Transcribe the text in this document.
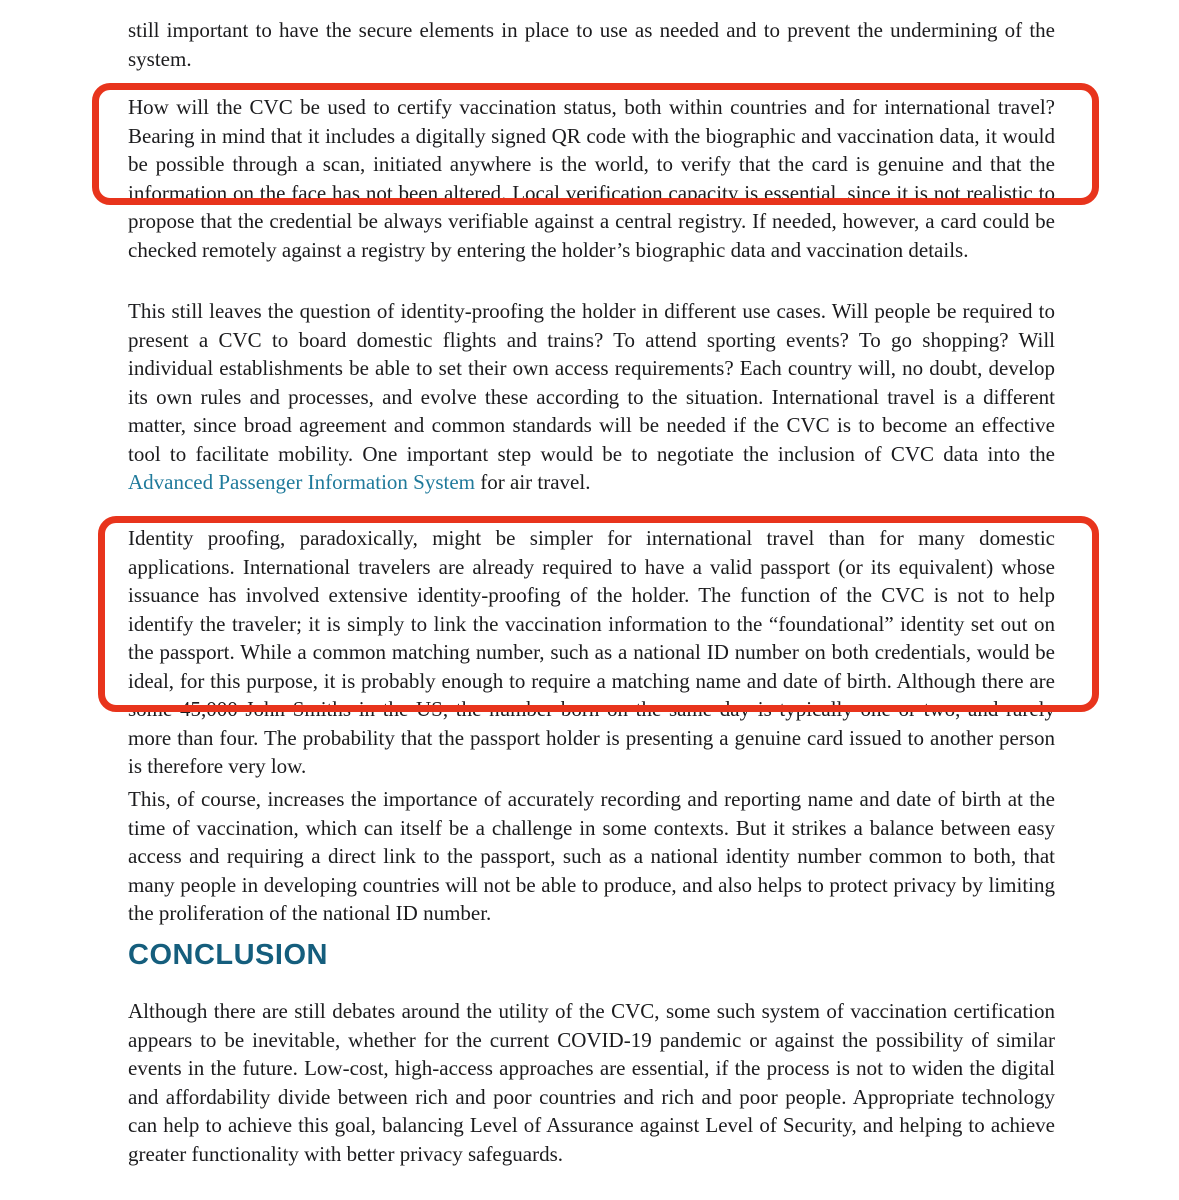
still important to have the secure elements in place to use as needed and to prevent the undermining of the system.

How will the CVC be used to certify vaccination status, both within countries and for international travel? Bearing in mind that it includes a digitally signed QR code with the biographic and vaccination data, it would be possible through a scan, initiated anywhere is the world, to verify that the card is genuine and that the information on the face has not been altered. Local verification capacity is essential, since it is not realistic to propose that the credential be always verifiable against a central registry. If needed, however, a card could be checked remotely against a registry by entering the holder’s biographic data and vaccination details.

This still leaves the question of identity-proofing the holder in different use cases. Will people be required to present a CVC to board domestic flights and trains? To attend sporting events? To go shopping? Will individual establishments be able to set their own access requirements? Each country will, no doubt, develop its own rules and processes, and evolve these according to the situation. International travel is a different matter, since broad agreement and common standards will be needed if the CVC is to become an effective tool to facilitate mobility. One important step would be to negotiate the inclusion of CVC data into the Advanced Passenger Information System for air travel.

Identity proofing, paradoxically, might be simpler for international travel than for many domestic applications. International travelers are already required to have a valid passport (or its equivalent) whose issuance has involved extensive identity-proofing of the holder. The function of the CVC is not to help identify the traveler; it is simply to link the vaccination information to the “foundational” identity set out on the passport. While a common matching number, such as a national ID number on both credentials, would be ideal, for this purpose, it is probably enough to require a matching name and date of birth. Although there are some 45,000 John Smiths in the US, the number born on the same day is typically one or two, and rarely more than four. The probability that the passport holder is presenting a genuine card issued to another person is therefore very low.

This, of course, increases the importance of accurately recording and reporting name and date of birth at the time of vaccination, which can itself be a challenge in some contexts. But it strikes a balance between easy access and requiring a direct link to the passport, such as a national identity number common to both, that many people in developing countries will not be able to produce, and also helps to protect privacy by limiting the proliferation of the national ID number.

CONCLUSION

Although there are still debates around the utility of the CVC, some such system of vaccination certification appears to be inevitable, whether for the current COVID-19 pandemic or against the possibility of similar events in the future. Low-cost, high-access approaches are essential, if the process is not to widen the digital and affordability divide between rich and poor countries and rich and poor people. Appropriate technology can help to achieve this goal, balancing Level of Assurance against Level of Security, and helping to achieve greater functionality with better privacy safeguards.
